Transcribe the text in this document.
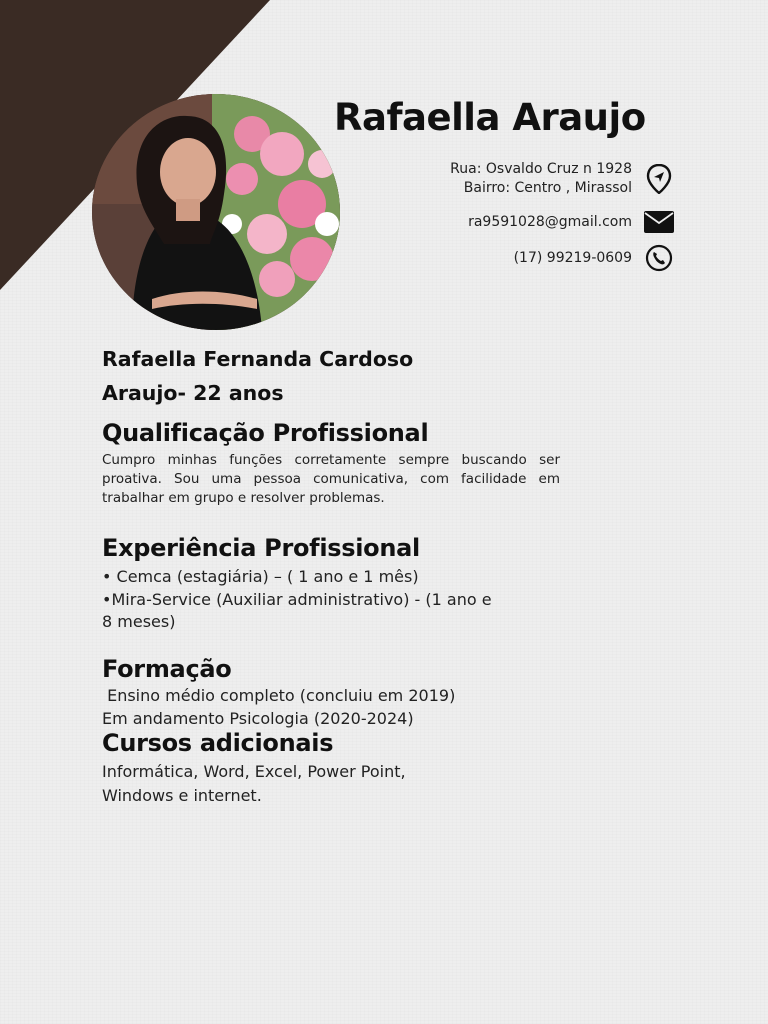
Rafaella Araujo
Rua: Osvaldo Cruz n 1928
Bairro: Centro , Mirassol
ra9591028@gmail.com
(17) 99219-0609
Rafaella Fernanda Cardoso
Araujo- 22 anos
Qualificação Profissional

Cumpro minhas funções corretamente sempre buscando ser proativa. Sou uma pessoa comunicativa, com facilidade em trabalhar em grupo e resolver problemas.

Experiência Profissional

• Cemca (estagiária) – ( 1 ano e 1 mês)

•Mira-Service (Auxiliar administrativo) - (1 ano e

8 meses)

Formação

Ensino médio completo (concluiu em 2019)

Em andamento Psicologia (2020-2024)

Cursos adicionais

Informática, Word, Excel, Power Point,

Windows e internet.
